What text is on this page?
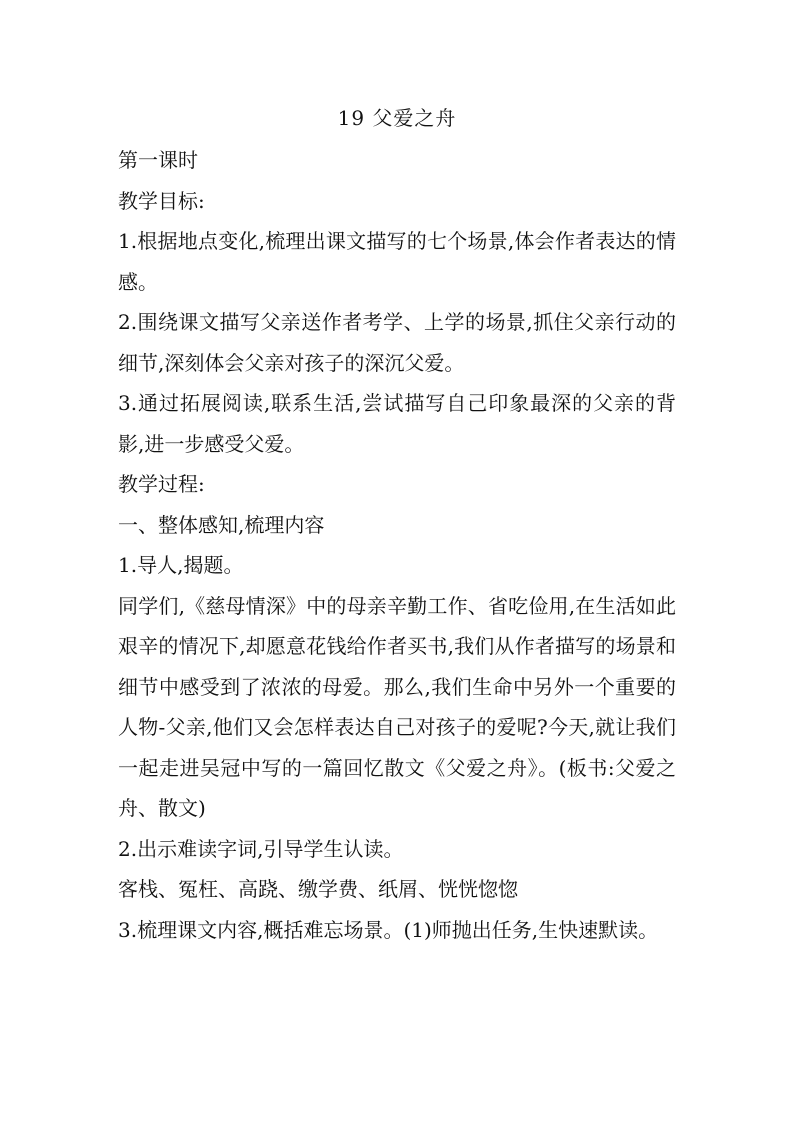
19 父爱之舟

第一课时

教学目标:

1.根据地点变化,梳理出课文描写的七个场景,体会作者表达的情感。

2.围绕课文描写父亲送作者考学、上学的场景,抓住父亲行动的细节,深刻体会父亲对孩子的深沉父爱。

3.通过拓展阅读,联系生活,尝试描写自己印象最深的父亲的背影,进一步感受父爱。

教学过程:

一、整体感知,梳理内容

1.导人,揭题。

同学们,《慈母情深》中的母亲辛勤工作、省吃俭用,在生活如此艰辛的情况下,却愿意花钱给作者买书,我们从作者描写的场景和细节中感受到了浓浓的母爱。那么,我们生命中另外一个重要的人物-父亲,他们又会怎样表达自己对孩子的爱呢?今天,就让我们一起走进吴冠中写的一篇回忆散文《父爱之舟》。(板书:父爱之舟、散文)

2.出示难读字词,引导学生认读。

客栈、冤枉、高跷、缴学费、纸屑、恍恍惚惚

3.梳理课文内容,概括难忘场景。(1)师抛出任务,生快速默读。
